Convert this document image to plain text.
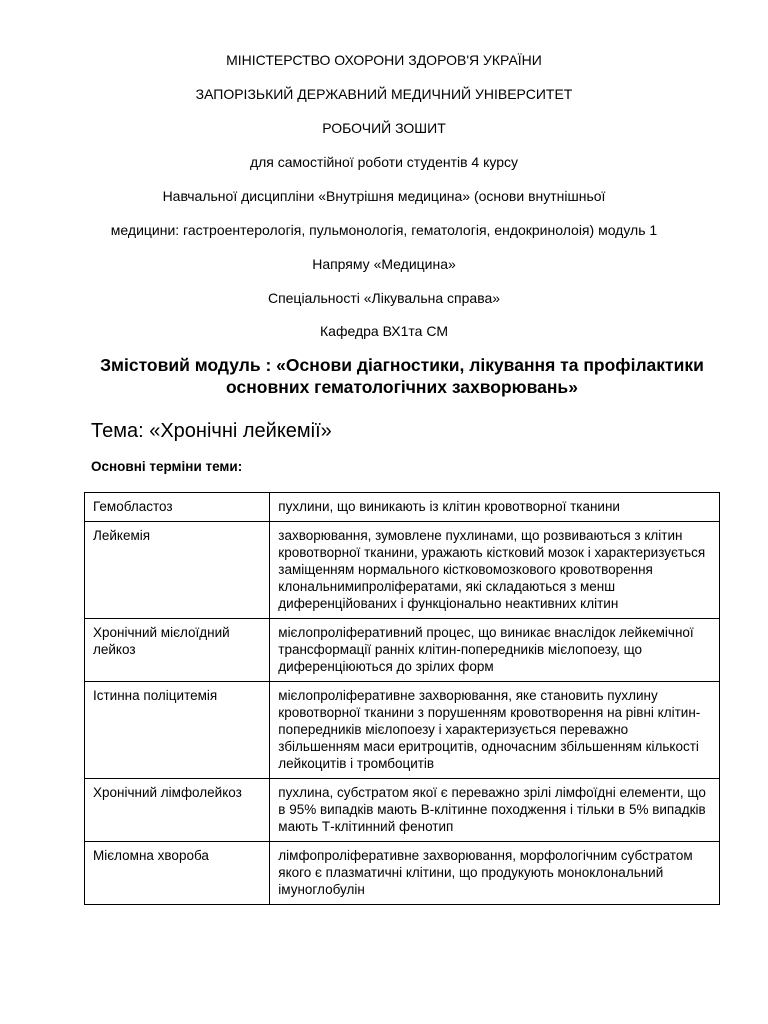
МІНІСТЕРСТВО ОХОРОНИ ЗДОРОВ'Я УКРАЇНИ
ЗАПОРІЗЬКИЙ ДЕРЖАВНИЙ МЕДИЧНИЙ УНІВЕРСИТЕТ
РОБОЧИЙ ЗОШИТ
для самостійної роботи студентів 4 курсу
Навчальної дисципліни «Внутрішня медицина» (основи внутнішньої
медицини: гастроентерологія, пульмонологія, гематологія, ендокринолоія) модуль 1
Напряму «Медицина»
Спеціальності «Лікувальна справа»
Кафедра ВХ1та СМ
Змістовий модуль : «Основи діагностики, лікування та профілактики основних гематологічних захворювань»
Тема: «Хронічні лейкемії»
Основні терміни теми:
Гемобластоз	пухлини, що виникають із клітин кровотворної тканини
Лейкемія	захворювання, зумовлене пухлинами, що розвиваються з клітин кровотворної тканини, уражають кістковий мозок і характеризується заміщенням нормального кістковомозкового кровотворення клональнимипроліфератами, які складаються з менш диференційованих і функціонально неактивних клітин
Хронічний мієлоїдний лейкоз	мієлопроліферативний процес, що виникає внаслідок лейкемічної трансформації ранніх клітин-попередників мієлопоезу, що диференціюються до зрілих форм
Істинна поліцитемія	мієлопроліферативне захворювання, яке становить пухлину кровотворної тканини з порушенням кровотворення на рівні клітин-попередників мієлопоезу і характеризується переважно збільшенням маси еритроцитів, одночасним збільшенням кількості лейкоцитів і тромбоцитів
Хронічний лімфолейкоз	пухлина, субстратом якої є переважно зрілі лімфоїдні елементи, що в 95% випадків мають В-клітинне походження і тільки в 5% випадків мають Т-клітинний фенотип
Мієломна хвороба	лімфопроліферативне захворювання, морфологічним субстратом якого є плазматичні клітини, що продукують моноклональний імуноглобулін
